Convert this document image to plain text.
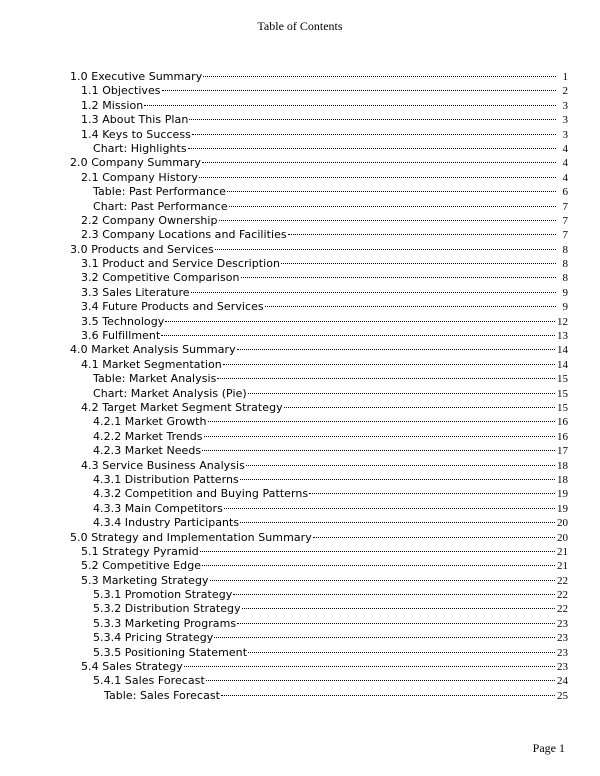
Table of Contents
1.0 Executive Summary	1
1.1 Objectives	2
1.2 Mission	3
1.3 About This Plan	3
1.4 Keys to Success	3
Chart: Highlights	4
2.0 Company Summary	4
2.1 Company History	4
Table: Past Performance	6
Chart: Past Performance	7
2.2 Company Ownership	7
2.3 Company Locations and Facilities	7
3.0 Products and Services	8
3.1 Product and Service Description	8
3.2 Competitive Comparison	8
3.3 Sales Literature	9
3.4 Future Products and Services	9
3.5 Technology	12
3.6 Fulfillment	13
4.0 Market Analysis Summary	14
4.1 Market Segmentation	14
Table: Market Analysis	15
Chart: Market Analysis (Pie)	15
4.2 Target Market Segment Strategy	15
4.2.1 Market Growth	16
4.2.2 Market Trends	16
4.2.3 Market Needs	17
4.3 Service Business Analysis	18
4.3.1 Distribution Patterns	18
4.3.2 Competition and Buying Patterns	19
4.3.3 Main Competitors	19
4.3.4 Industry Participants	20
5.0 Strategy and Implementation Summary	20
5.1 Strategy Pyramid	21
5.2 Competitive Edge	21
5.3 Marketing Strategy	22
5.3.1 Promotion Strategy	22
5.3.2 Distribution Strategy	22
5.3.3 Marketing Programs	23
5.3.4 Pricing Strategy	23
5.3.5 Positioning Statement	23
5.4 Sales Strategy	23
5.4.1 Sales Forecast	24
Table: Sales Forecast	25
Page 1
